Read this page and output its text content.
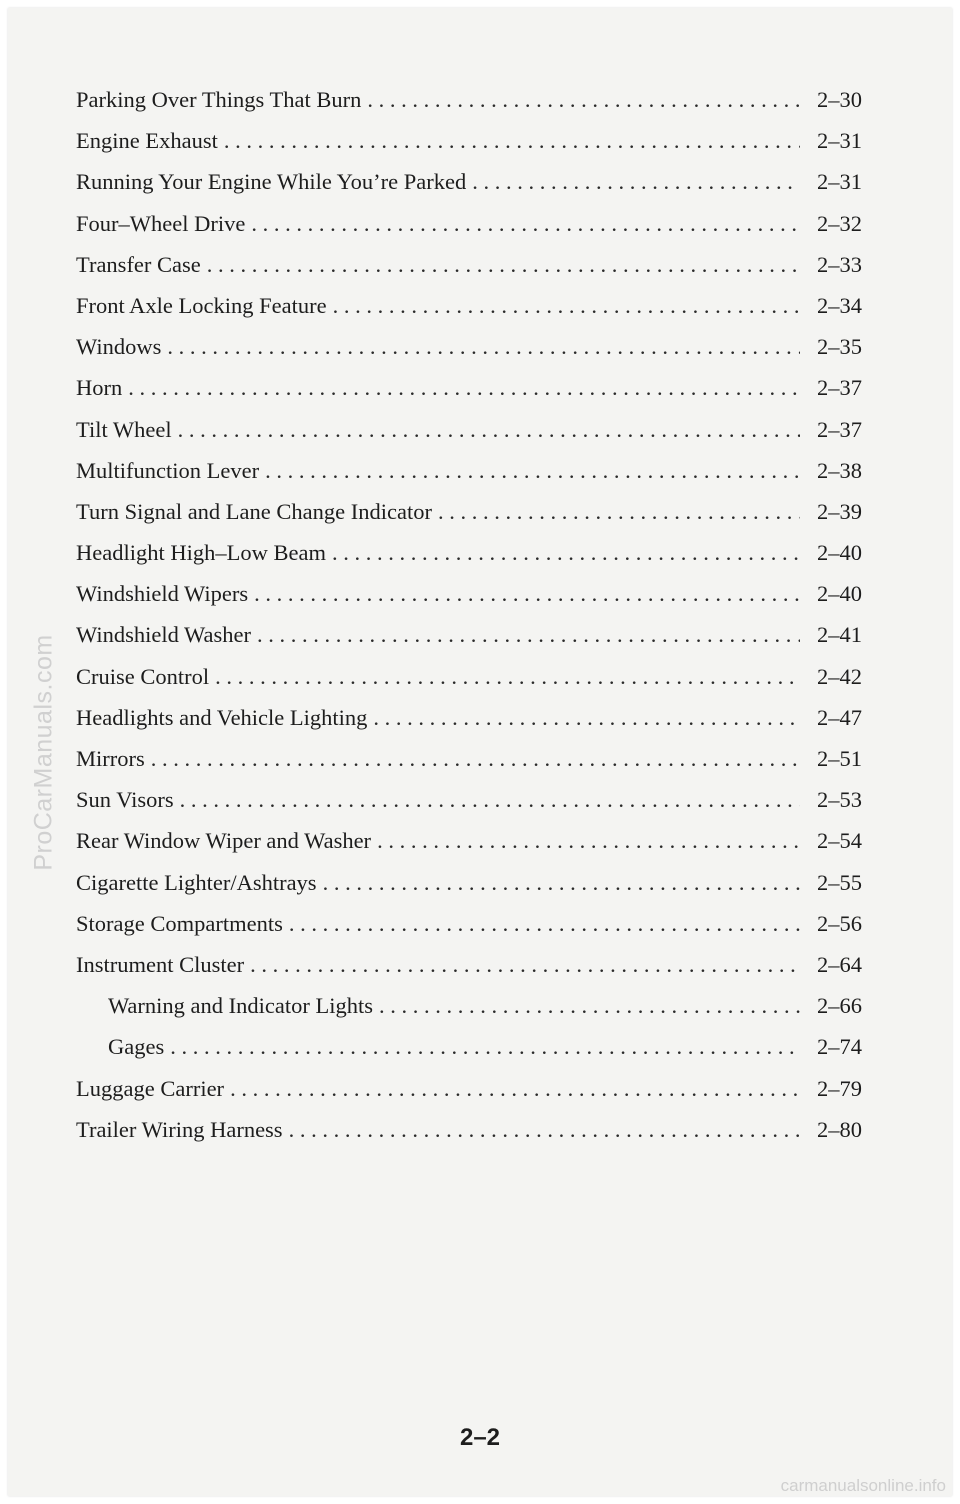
Parking Over Things That Burn . . .	2–30
Engine Exhaust . . .	2–31
Running Your Engine While You’re Parked . . .	2–31
Four–Wheel Drive . . .	2–32
Transfer Case . . .	2–33
Front Axle Locking Feature . . .	2–34
Windows . . .	2–35
Horn . . .	2–37
Tilt Wheel . . .	2–37
Multifunction Lever . . .	2–38
Turn Signal and Lane Change Indicator . . .	2–39
Headlight High–Low Beam . . .	2–40
Windshield Wipers . . .	2–40
Windshield Washer . . .	2–41
Cruise Control . . .	2–42
Headlights and Vehicle Lighting . . .	2–47
Mirrors . . .	2–51
Sun Visors . . .	2–53
Rear Window Wiper and Washer . . .	2–54
Cigarette Lighter/Ashtrays . . .	2–55
Storage Compartments . . .	2–56
Instrument Cluster . . .	2–64
Warning and Indicator Lights . . .	2–66
Gages . . .	2–74
Luggage Carrier . . .	2–79
Trailer Wiring Harness . . .	2–80
ProCarManuals.com
2–2
carmanualsonline.info
